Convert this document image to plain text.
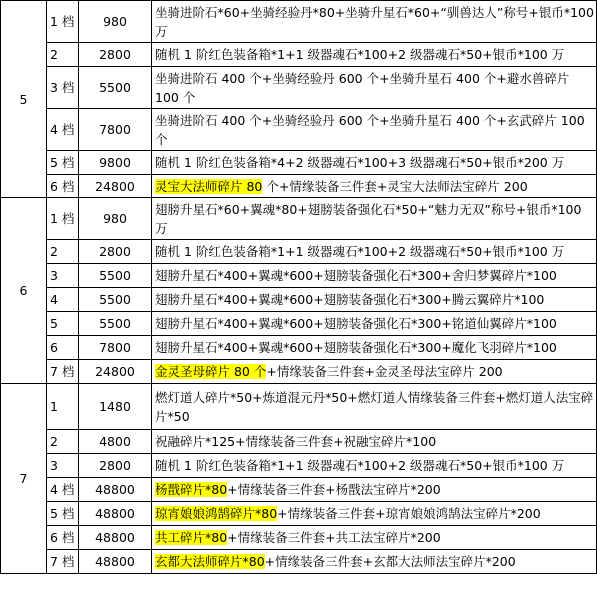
5	1 档	980	坐骑进阶石*60+坐骑经验丹*80+坐骑升星石*60+“驯兽达人”称号+银币*100 万
	2	2800	随机 1 阶红色装备箱*1+1 级器魂石*100+2 级器魂石*50+银币*100 万
	3 档	5500	坐骑进阶石 400 个+坐骑经验丹 600 个+坐骑升星石 400 个+避水兽碎片 100 个
	4 档	7800	坐骑进阶石 400 个+坐骑经验丹 600 个+坐骑升星石 400 个+玄武碎片 100 个
	5 档	9800	随机 1 阶红色装备箱*4+2 级器魂石*100+3 级器魂石*50+银币*200 万
	6 档	24800	灵宝大法师碎片 80 个+情缘装备三件套+灵宝大法师法宝碎片 200
6	1 档	980	翅膀升星石*60+翼魂*80+翅膀装备强化石*50+“魅力无双”称号+银币*100 万
	2	2800	随机 1 阶红色装备箱*1+1 级器魂石*100+2 级器魂石*50+银币*100 万
	3	5500	翅膀升星石*400+翼魂*600+翅膀装备强化石*300+舍归梦翼碎片*100
	4	5500	翅膀升星石*400+翼魂*600+翅膀装备强化石*300+腾云翼碎片*100
	5	5500	翅膀升星石*400+翼魂*600+翅膀装备强化石*300+铭道仙翼碎片*100
	6	7800	翅膀升星石*400+翼魂*600+翅膀装备强化石*300+魔化飞羽碎片*100
	7 档	24800	金灵圣母碎片 80 个+情缘装备三件套+金灵圣母法宝碎片 200
7	1	1480	燃灯道人碎片*50+炼道混元丹*50+燃灯道人情缘装备三件套+燃灯道人法宝碎片*50
	2	4800	祝融碎片*125+情缘装备三件套+祝融宝碎片*100
	3	2800	随机 1 阶红色装备箱*1+1 级器魂石*100+2 级器魂石*50+银币*100 万
	4 档	48800	杨戬碎片*80+情缘装备三件套+杨戬法宝碎片*200
	5 档	48800	琼宵娘娘鸿鹄碎片*80+情缘装备三件套+琼宵娘娘鸿鹄法宝碎片*200
	6 档	48800	共工碎片*80+情缘装备三件套+共工法宝碎片*200
	7 档	48800	玄都大法师碎片*80+情缘装备三件套+玄都大法师法宝碎片*200
